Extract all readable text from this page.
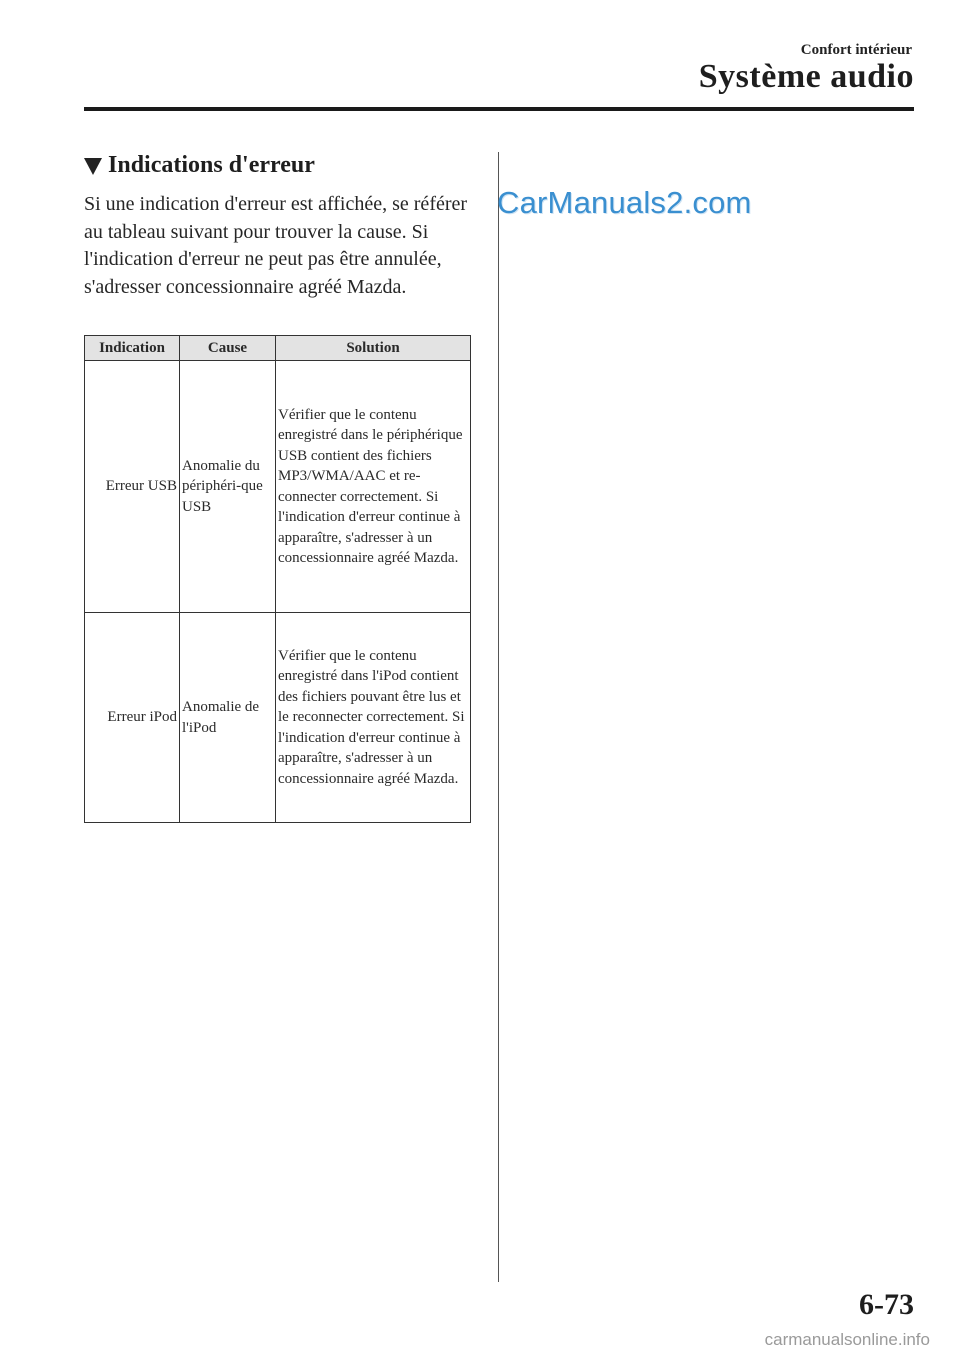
Confort intérieur
Système audio
CarManuals2.com
Indications d'erreur

Si une indication d'erreur est affichée, se référer au tableau suivant pour trouver la cause. Si l'indication d'erreur ne peut pas être annulée, s'adresser concessionnaire agréé Mazda.

Indication	Cause	Solution
Erreur USB	Anomalie du périphéri-que USB	Vérifier que le contenu enregistré dans le périphérique USB contient des fichiers MP3/WMA/AAC et re-connecter correctement. Si l'indication d'erreur continue à apparaître, s'adresser à un concessionnaire agréé Mazda.
Erreur iPod	Anomalie de l'iPod	Vérifier que le contenu enregistré dans l'iPod contient des fichiers pouvant être lus et le reconnecter correctement. Si l'indication d'erreur continue à apparaître, s'adresser à un concessionnaire agréé Mazda.
6-73
carmanualsonline.info
